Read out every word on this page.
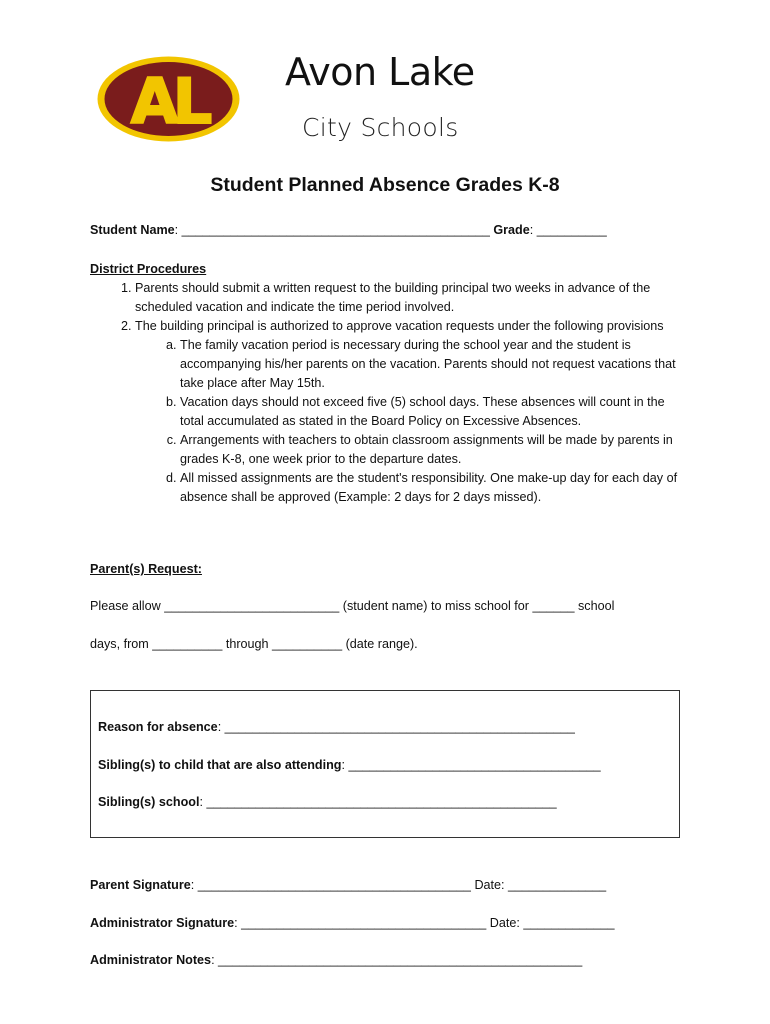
AL Avon Lake
City Schools
Student Planned Absence Grades K-8
Student Name: ____________________________________________ Grade: __________
District Procedures
1. Parents should submit a written request to the building principal two weeks in advance of the scheduled vacation and indicate the time period involved.
2. The building principal is authorized to approve vacation requests under the following provisions
a. The family vacation period is necessary during the school year and the student is accompanying his/her parents on the vacation. Parents should not request vacations that take place after May 15th.
b. Vacation days should not exceed five (5) school days. These absences will count in the total accumulated as stated in the Board Policy on Excessive Absences.
c. Arrangements with teachers to obtain classroom assignments will be made by parents in grades K-8, one week prior to the departure dates.
d. All missed assignments are the student's responsibility. One make-up day for each day of absence shall be approved (Example: 2 days for 2 days missed).
Parent(s) Request:
Please allow _________________________ (student name) to miss school for ______ school
days, from __________ through __________ (date range).
Reason for absence: __________________________________________________
Sibling(s) to child that are also attending: ____________________________________
Sibling(s) school: __________________________________________________
Parent Signature: _______________________________________ Date: ______________
Administrator Signature: ___________________________________ Date: _____________
Administrator Notes: ____________________________________________________
